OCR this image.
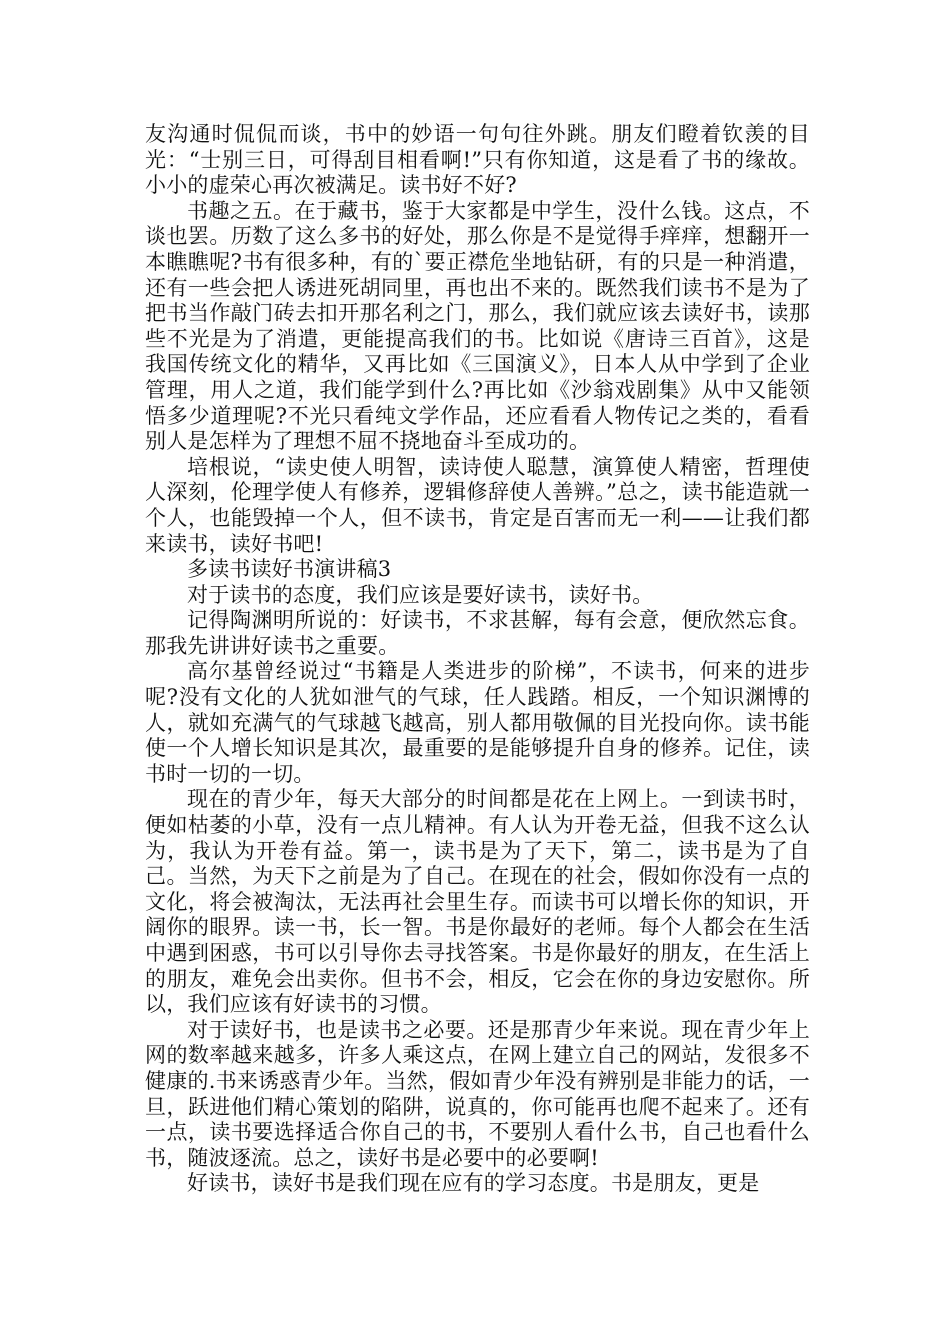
友沟通时侃侃而谈，书中的妙语一句句往外跳。朋友们瞪着钦羡的目光：“士别三日，可得刮目相看啊!”只有你知道，这是看了书的缘故。小小的虚荣心再次被满足。读书好不好?

书趣之五。在于藏书，鉴于大家都是中学生，没什么钱。这点，不谈也罢。历数了这么多书的好处，那么你是不是觉得手痒痒，想翻开一本瞧瞧呢?书有很多种，有的`要正襟危坐地钻研，有的只是一种消遣，还有一些会把人诱进死胡同里，再也出不来的。既然我们读书不是为了把书当作敲门砖去扣开那名利之门，那么，我们就应该去读好书，读那些不光是为了消遣，更能提高我们的书。比如说《唐诗三百首》，这是我国传统文化的精华，又再比如《三国演义》，日本人从中学到了企业管理，用人之道，我们能学到什么?再比如《沙翁戏剧集》从中又能领悟多少道理呢?不光只看纯文学作品，还应看看人物传记之类的，看看别人是怎样为了理想不屈不挠地奋斗至成功的。

培根说，“读史使人明智，读诗使人聪慧，演算使人精密，哲理使人深刻，伦理学使人有修养，逻辑修辞使人善辨。”总之，读书能造就一个人，也能毁掉一个人，但不读书，肯定是百害而无一利——让我们都来读书，读好书吧!

多读书读好书演讲稿3

对于读书的态度，我们应该是要好读书，读好书。

记得陶渊明所说的：好读书，不求甚解，每有会意，便欣然忘食。那我先讲讲好读书之重要。

高尔基曾经说过“书籍是人类进步的阶梯”，不读书，何来的进步呢?没有文化的人犹如泄气的气球，任人践踏。相反，一个知识渊博的人，就如充满气的气球越飞越高，别人都用敬佩的目光投向你。读书能使一个人增长知识是其次，最重要的是能够提升自身的修养。记住，读书时一切的一切。

现在的青少年，每天大部分的时间都是花在上网上。一到读书时，便如枯萎的小草，没有一点儿精神。有人认为开卷无益，但我不这么认为，我认为开卷有益。第一，读书是为了天下，第二，读书是为了自己。当然，为天下之前是为了自己。在现在的社会，假如你没有一点的文化，将会被淘汰，无法再社会里生存。而读书可以增长你的知识，开阔你的眼界。读一书，长一智。书是你最好的老师。每个人都会在生活中遇到困惑，书可以引导你去寻找答案。书是你最好的朋友，在生活上的朋友，难免会出卖你。但书不会，相反，它会在你的身边安慰你。所以，我们应该有好读书的习惯。

对于读好书，也是读书之必要。还是那青少年来说。现在青少年上网的数率越来越多，许多人乘这点，在网上建立自己的网站，发很多不健康的.书来诱惑青少年。当然，假如青少年没有辨别是非能力的话，一旦，跃进他们精心策划的陷阱，说真的，你可能再也爬不起来了。还有一点，读书要选择适合你自己的书，不要别人看什么书，自己也看什么书，随波逐流。总之，读好书是必要中的必要啊!

好读书，读好书是我们现在应有的学习态度。书是朋友，更是
